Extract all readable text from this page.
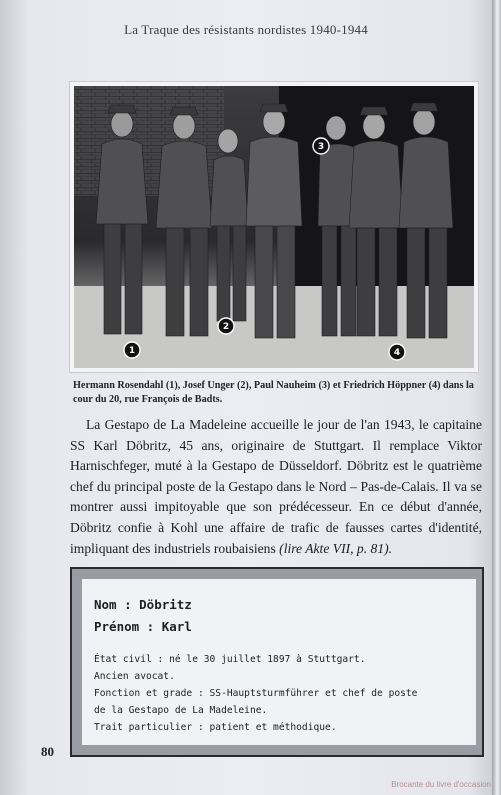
La Traque des résistants nordistes 1940-1944
1
2
3
4
Hermann Rosendahl (1), Josef Unger (2), Paul Nauheim (3) et Friedrich Höppner (4) dans la cour du 20, rue François de Badts.

La Gestapo de La Madeleine accueille le jour de l'an 1943, le capitaine SS Karl Döbritz, 45 ans, originaire de Stuttgart. Il remplace Viktor Harnischfeger, muté à la Gestapo de Düsseldorf. Döbritz est le quatrième chef du principal poste de la Gestapo dans le Nord – Pas-de-Calais. Il va se montrer aussi impitoyable que son prédécesseur. En ce début d'année, Döbritz confie à Kohl une affaire de trafic de fausses cartes d'identité, impliquant des industriels roubaisiens (lire Akte VII, p. 81).

Nom : Döbritz
Prénom : Karl
État civil : né le 30 juillet 1897 à Stuttgart.
Ancien avocat.
Fonction et grade : SS-Hauptsturmführer et chef de poste
de la Gestapo de La Madeleine.
Trait particulier : patient et méthodique.
80
Brocante du livre d'occasion
